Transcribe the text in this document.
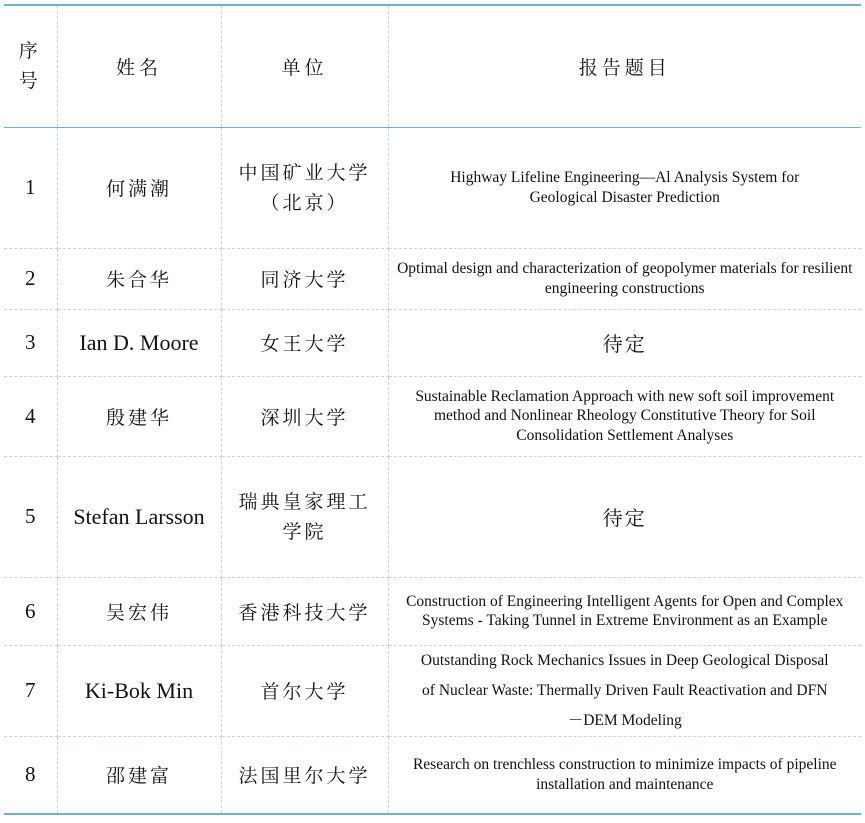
序
号	姓名	单位	报告题目
1	何满潮	中国矿业大学（北京）	Highway Lifeline Engineering—Al Analysis System for Geological Disaster Prediction

2	朱合华	同济大学	Optimal design and characterization of geopolymer materials for resilient engineering constructions

3	Ian D. Moore	女王大学	待定
4	殷建华	深圳大学	Sustainable Reclamation Approach with new soft soil improvement method and Nonlinear Rheology Constitutive Theory for Soil Consolidation Settlement Analyses

5	Stefan Larsson	瑞典皇家理工学院	待定
6	吴宏伟	香港科技大学	Construction of Engineering Intelligent Agents for Open and Complex Systems - Taking Tunnel in Extreme Environment as an Example

7	Ki-Bok Min	首尔大学	Outstanding Rock Mechanics Issues in Deep Geological Disposal of Nuclear Waste: Thermally Driven Fault Reactivation and DFN－DEM Modeling

8	邵建富	法国里尔大学	Research on trenchless construction to minimize impacts of pipeline installation and maintenance
